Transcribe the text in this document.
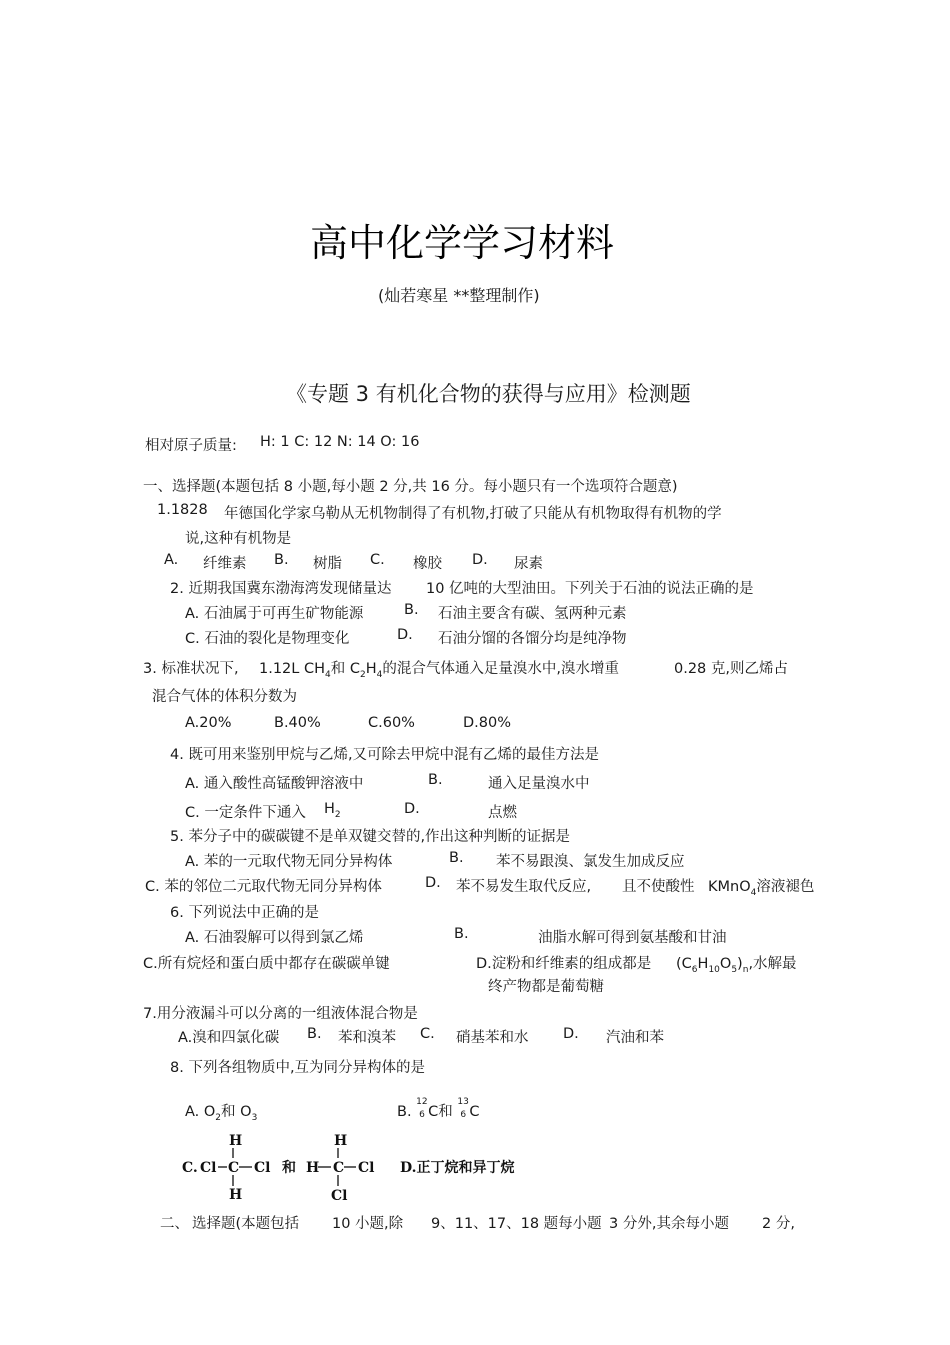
高中化学学习材料
(灿若寒星 **整理制作)
《专题 3 有机化合物的获得与应用》检测题
相对原子质量: H: 1 C: 12 N: 14 O: 16
一、选择题(本题包括 8 小题,每小题 2 分,共 16 分。每小题只有一个选项符合题意)
1.1828 年德国化学家乌勒从无机物制得了有机物,打破了只能从有机物取得有机物的学
说,这种有机物是
A. 纤维素 B. 树脂 C. 橡胶 D. 尿素
2. 近期我国冀东渤海湾发现储量达 10 亿吨的大型油田。下列关于石油的说法正确的是
A. 石油属于可再生矿物能源	B. 石油主要含有碳、氢两种元素
C. 石油的裂化是物理变化	D. 石油分馏的各馏分均是纯净物
3. 标准状况下, 1.12L $CH_4$和 $C_2H_4$的混合气体通入足量溴水中,溴水增重	0.28 克,则乙烯占
混合气体的体积分数为
A.20%	B.40%	C.60%	D.80%
4. 既可用来鉴别甲烷与乙烯,又可除去甲烷中混有乙烯的最佳方法是
A. 通入酸性高锰酸钾溶液中	B.	通入足量溴水中
C. 一定条件下通入 $H_2$	D.	点燃
5. 苯分子中的碳碳键不是单双键交替的,作出这种判断的证据是
A. 苯的一元取代物无同分异构体	B. 苯不易跟溴、氯发生加成反应
C. 苯的邻位二元取代物无同分异构体	D. 苯不易发生取代反应, 且不使酸性 KMnO$_4$溶液褪色
6. 下列说法中正确的是
A. 石油裂解可以得到氯乙烯	B.	油脂水解可得到氨基酸和甘油
C.所有烷烃和蛋白质中都存在碳碳单键	D.淀粉和纤维素的组成都是 $(C_6H_{10}O_5)_n$,水解最
终产物都是葡萄糖
7.用分液漏斗可以分离的一组液体混合物是
A.溴和四氯化碳 B. 苯和溴苯 C. 硝基苯和水 D. 汽油和苯
8. 下列各组物质中,互为同分异构体的是
A. $O_2$和 $O_3$	B.
12
6 C和
13
6 C
C. Cl C Cl
H
H
和 H C Cl
H
Cl
D.正丁烷和异丁烷
二、 选择题(本题包括 10 小题,除 9、11、17、18 题每小题 3 分外,其余每小题 2 分,
